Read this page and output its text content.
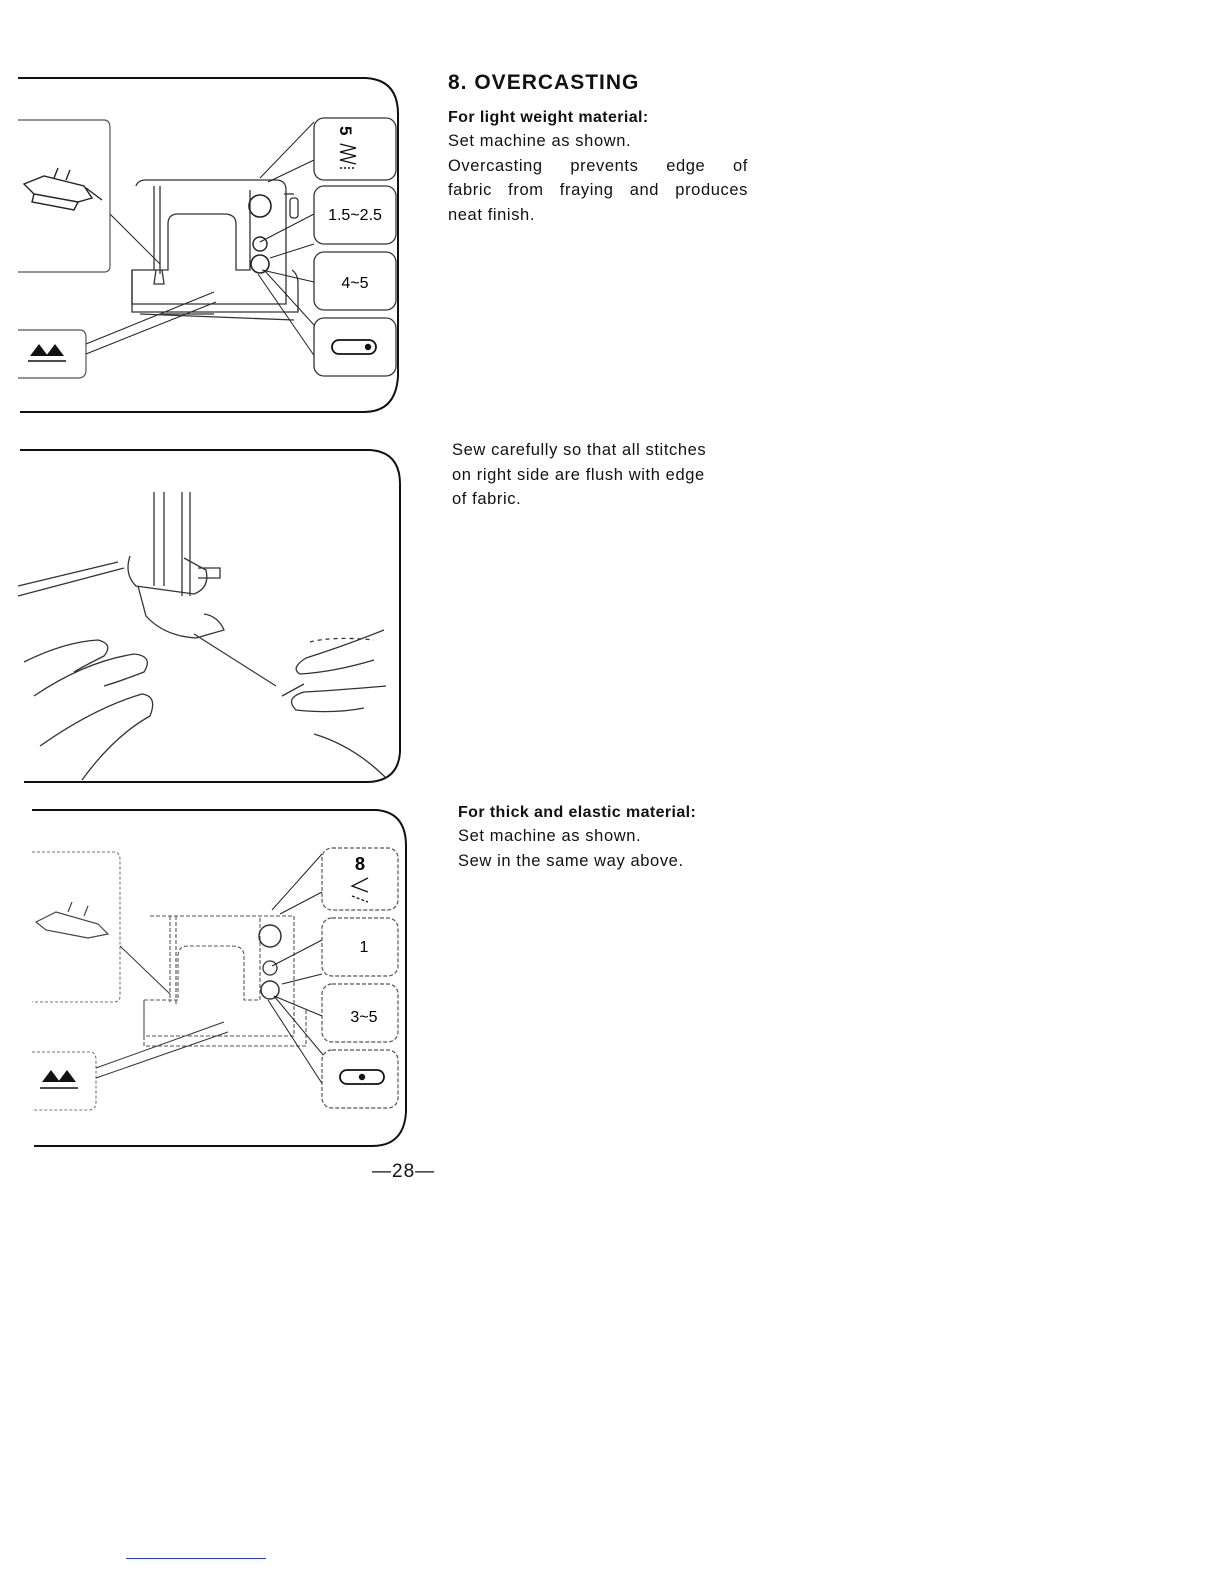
5
1.5~2.5
4~5
8
1
3~5
8. OVERCASTING
For light weight material:

Set machine as shown.

Overcasting prevents edge of

fabric from fraying and produces

neat finish.

Sew carefully so that all stitches

on right side are flush with edge

of fabric.

For thick and elastic material:

Set machine as shown.

Sew in the same way above.

—28—
